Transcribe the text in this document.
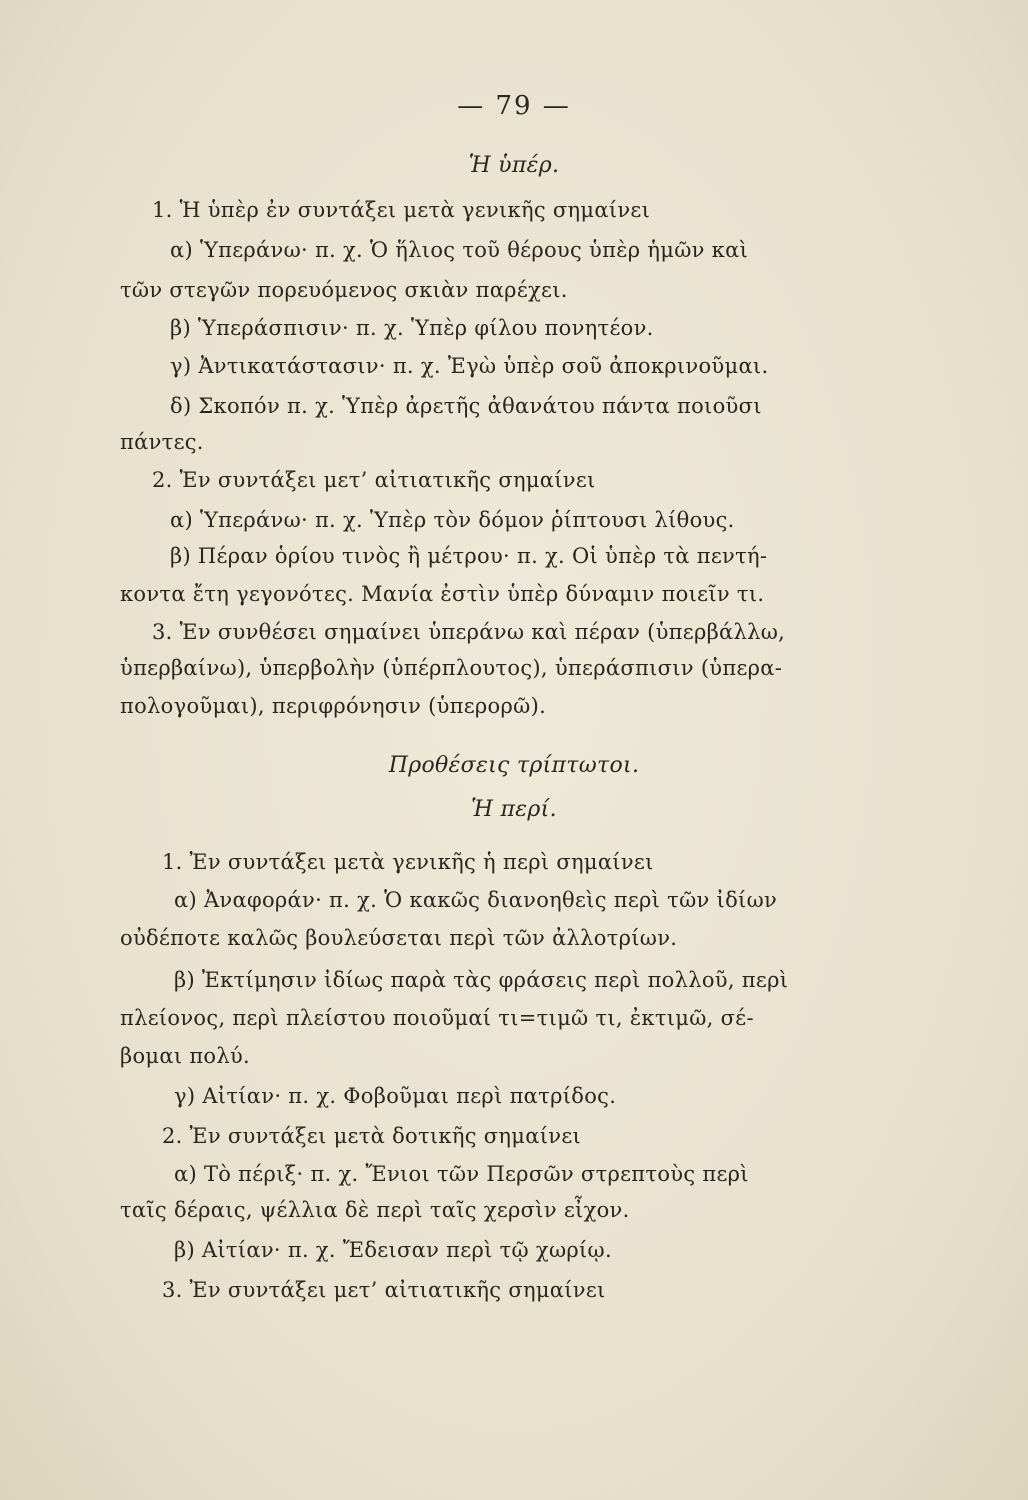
— 79 —
Ἡ ὑπέρ.
1. Ἡ ὑπὲρ ἐν συντάξει μετὰ γενικῆς σημαίνει
α) Ὑπεράνω· π. χ. Ὁ ἥλιος τοῦ θέρους ὑπὲρ ἡμῶν καὶ
τῶν στεγῶν πορευόμενος σκιὰν παρέχει.
β) Ὑπεράσπισιν· π. χ. Ὑπὲρ φίλου πονητέον.
γ) Ἀντικατάστασιν· π. χ. Ἐγὼ ὑπὲρ σοῦ ἀποκρινοῦμαι.
δ) Σκοπόν π. χ. Ὑπὲρ ἀρετῆς ἀθανάτου πάντα ποιοῦσι
πάντες.
2. Ἐν συντάξει μετ’ αἰτιατικῆς σημαίνει
α) Ὑπεράνω· π. χ. Ὑπὲρ τὸν δόμον ῥίπτουσι λίθους.
β) Πέραν ὁρίου τινὸς ἢ μέτρου· π. χ. Οἱ ὑπὲρ τὰ πεντή-
κοντα ἔτη γεγονότες. Μανία ἐστὶν ὑπὲρ δύναμιν ποιεῖν τι.
3. Ἐν συνθέσει σημαίνει ὑπεράνω καὶ πέραν (ὑπερβάλλω,
ὑπερβαίνω), ὑπερβολὴν (ὑπέρπλουτος), ὑπεράσπισιν (ὑπερα-
πολογοῦμαι), περιφρόνησιν (ὑπερορῶ).
Προθέσεις τρίπτωτοι.
Ἡ περί.
1. Ἐν συντάξει μετὰ γενικῆς ἡ περὶ σημαίνει
α) Ἀναφοράν· π. χ. Ὁ κακῶς διανοηθεὶς περὶ τῶν ἰδίων
οὐδέποτε καλῶς βουλεύσεται περὶ τῶν ἀλλοτρίων.
β) Ἐκτίμησιν ἰδίως παρὰ τὰς φράσεις περὶ πολλοῦ, περὶ
πλείονος, περὶ πλείστου ποιοῦμαί τι=τιμῶ τι, ἐκτιμῶ, σέ-
βομαι πολύ.
γ) Αἰτίαν· π. χ. Φοβοῦμαι περὶ πατρίδος.
2. Ἐν συντάξει μετὰ δοτικῆς σημαίνει
α) Τὸ πέριξ· π. χ. Ἔνιοι τῶν Περσῶν στρεπτοὺς περὶ
ταῖς δέραις, ψέλλια δὲ περὶ ταῖς χερσὶν εἶχον.
β) Αἰτίαν· π. χ. Ἔδεισαν περὶ τῷ χωρίῳ.
3. Ἐν συντάξει μετ’ αἰτιατικῆς σημαίνει
